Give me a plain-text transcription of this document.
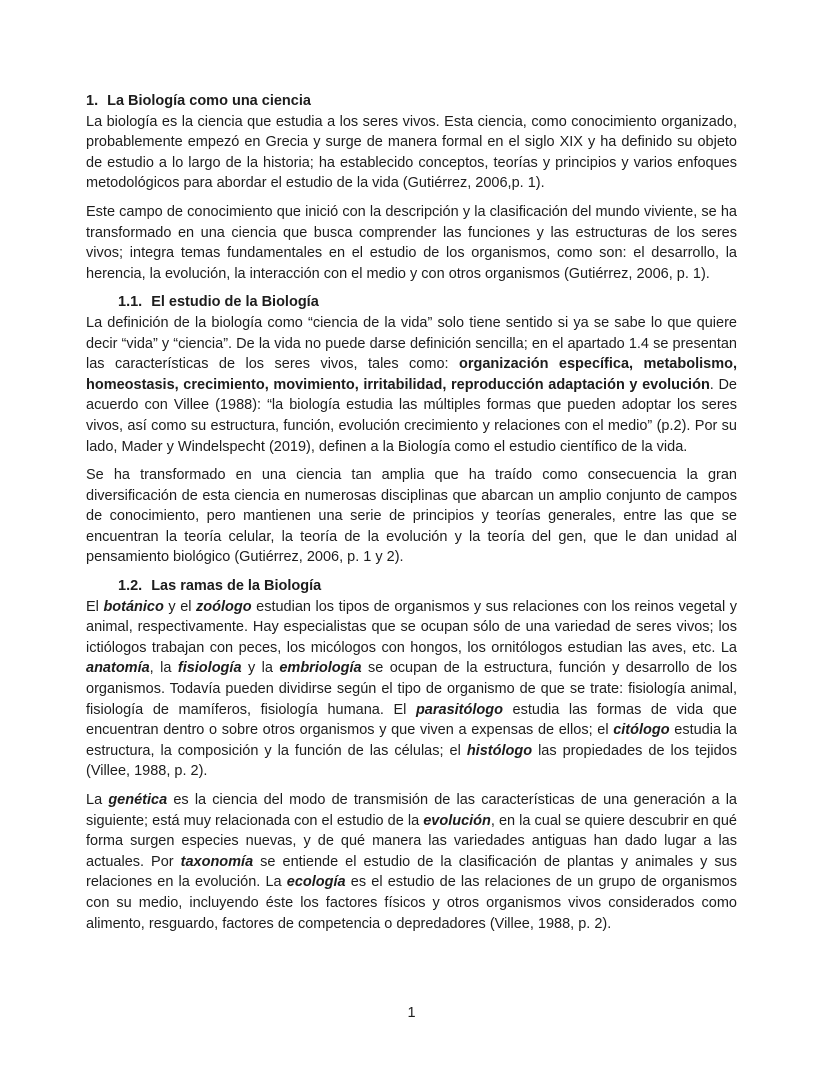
1. La Biología como una ciencia

La biología es la ciencia que estudia a los seres vivos. Esta ciencia, como conocimiento organizado, probablemente empezó en Grecia y surge de manera formal en el siglo XIX y ha definido su objeto de estudio a lo largo de la historia; ha establecido conceptos, teorías y principios y varios enfoques metodológicos para abordar el estudio de la vida (Gutiérrez, 2006,p. 1).

Este campo de conocimiento que inició con la descripción y la clasificación del mundo viviente, se ha transformado en una ciencia que busca comprender las funciones y las estructuras de los seres vivos; integra temas fundamentales en el estudio de los organismos, como son: el desarrollo, la herencia, la evolución, la interacción con el medio y con otros organismos (Gutiérrez, 2006, p. 1).

1.1. El estudio de la Biología

La definición de la biología como “ciencia de la vida” solo tiene sentido si ya se sabe lo que quiere decir “vida” y “ciencia”. De la vida no puede darse definición sencilla; en el apartado 1.4 se presentan las características de los seres vivos, tales como: organización específica, metabolismo, homeostasis, crecimiento, movimiento, irritabilidad, reproducción adaptación y evolución. De acuerdo con Villee (1988): “la biología estudia las múltiples formas que pueden adoptar los seres vivos, así como su estructura, función, evolución crecimiento y relaciones con el medio” (p.2). Por su lado, Mader y Windelspecht (2019), definen a la Biología como el estudio científico de la vida.

Se ha transformado en una ciencia tan amplia que ha traído como consecuencia la gran diversificación de esta ciencia en numerosas disciplinas que abarcan un amplio conjunto de campos de conocimiento, pero mantienen una serie de principios y teorías generales, entre las que se encuentran la teoría celular, la teoría de la evolución y la teoría del gen, que le dan unidad al pensamiento biológico (Gutiérrez, 2006, p. 1 y 2).

1.2. Las ramas de la Biología

El botánico y el zoólogo estudian los tipos de organismos y sus relaciones con los reinos vegetal y animal, respectivamente. Hay especialistas que se ocupan sólo de una variedad de seres vivos; los ictiólogos trabajan con peces, los micólogos con hongos, los ornitólogos estudian las aves, etc. La anatomía, la fisiología y la embriología se ocupan de la estructura, función y desarrollo de los organismos. Todavía pueden dividirse según el tipo de organismo de que se trate: fisiología animal, fisiología de mamíferos, fisiología humana. El parasitólogo estudia las formas de vida que encuentran dentro o sobre otros organismos y que viven a expensas de ellos; el citólogo estudia la estructura, la composición y la función de las células; el histólogo las propiedades de los tejidos (Villee, 1988, p. 2).

La genética es la ciencia del modo de transmisión de las características de una generación a la siguiente; está muy relacionada con el estudio de la evolución, en la cual se quiere descubrir en qué forma surgen especies nuevas, y de qué manera las variedades antiguas han dado lugar a las actuales. Por taxonomía se entiende el estudio de la clasificación de plantas y animales y sus relaciones en la evolución. La ecología es el estudio de las relaciones de un grupo de organismos con su medio, incluyendo éste los factores físicos y otros organismos vivos considerados como alimento, resguardo, factores de competencia o depredadores (Villee, 1988, p. 2).

1
